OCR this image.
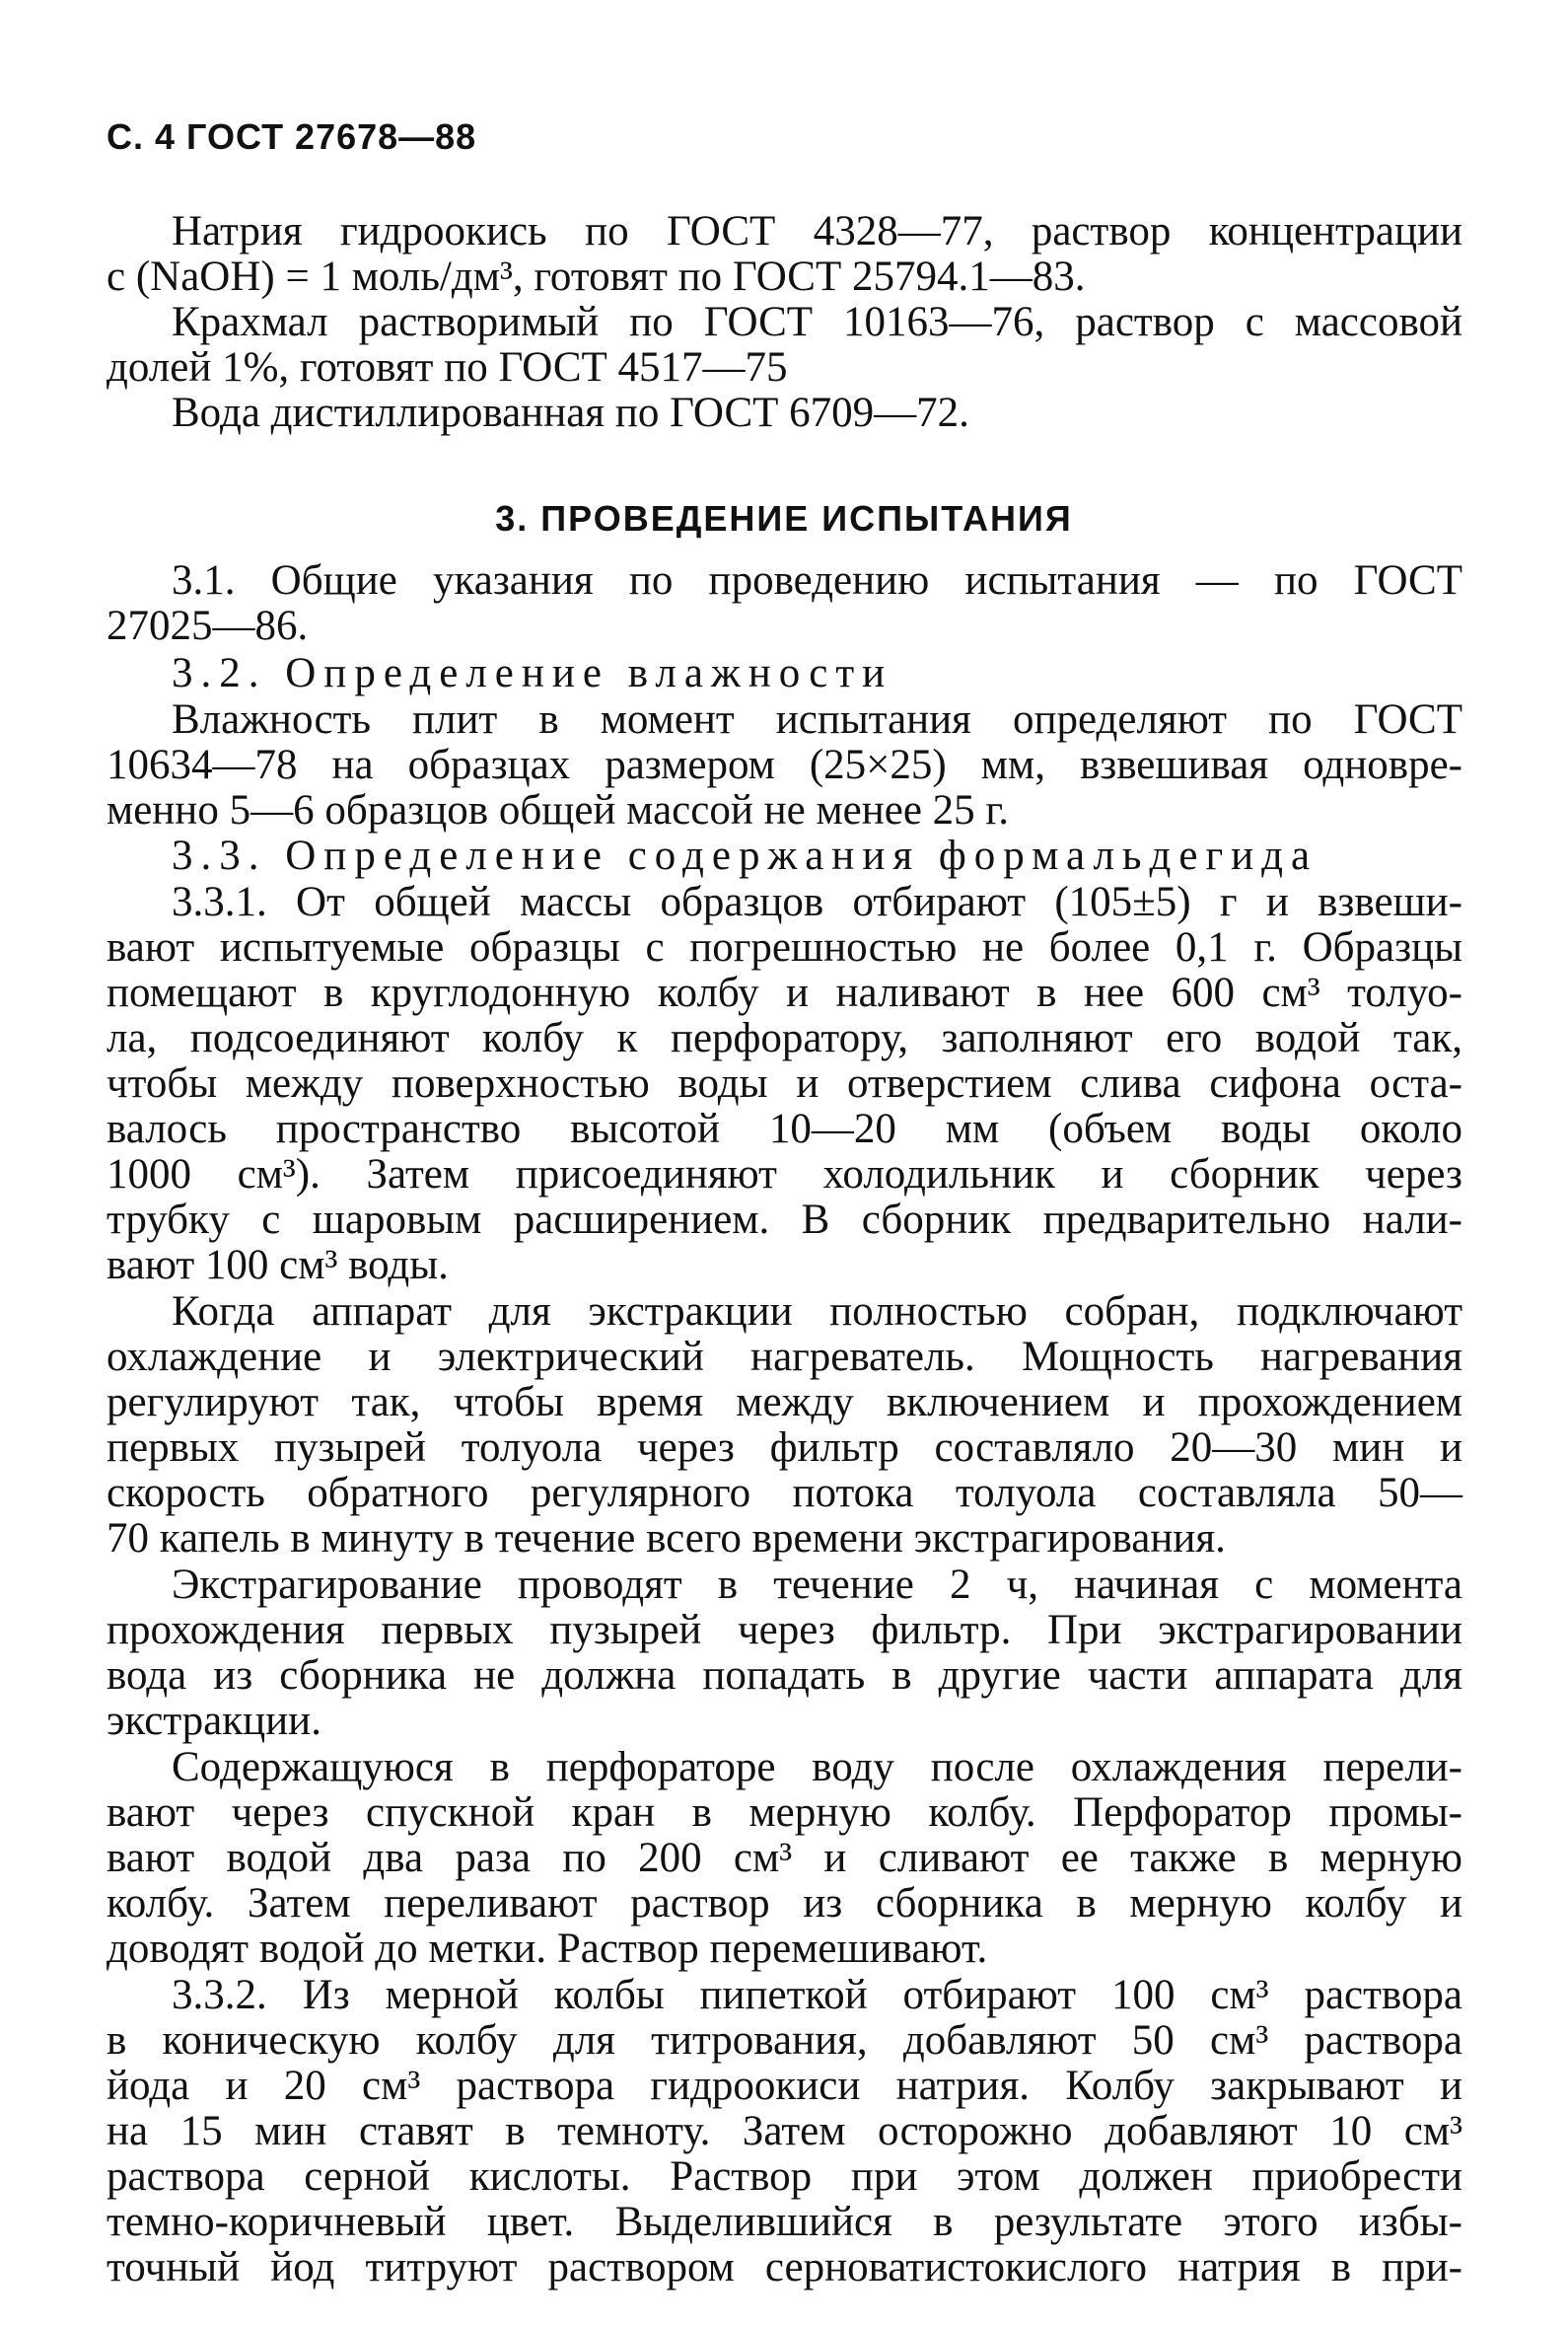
С. 4 ГОСТ 27678—88
Натрия гидроокись по ГОСТ 4328—77, раствор концентрации
с (NaOH) = 1 моль/дм³, готовят по ГОСТ 25794.1—83.
Крахмал растворимый по ГОСТ 10163—76, раствор с массовой
долей 1%, готовят по ГОСТ 4517—75
Вода дистиллированная по ГОСТ 6709—72.
3. ПРОВЕДЕНИЕ ИСПЫТАНИЯ
3.1. Общие указания по проведению испытания — по ГОСТ
27025—86.
3.2. Определение влажности
Влажность плит в момент испытания определяют по ГОСТ
10634—78 на образцах размером (25×25) мм, взвешивая одновре-
менно 5—6 образцов общей массой не менее 25 г.
3.3. Определение содержания формальдегида
3.3.1. От общей массы образцов отбирают (105±5) г и взвеши-
вают испытуемые образцы с погрешностью не более 0,1 г. Образцы
помещают в круглодонную колбу и наливают в нее 600 см³ толуо-
ла, подсоединяют колбу к перфоратору, заполняют его водой так,
чтобы между поверхностью воды и отверстием слива сифона оста-
валось пространство высотой 10—20 мм (объем воды около
1000 см³). Затем присоединяют холодильник и сборник через
трубку с шаровым расширением. В сборник предварительно нали-
вают 100 см³ воды.
Когда аппарат для экстракции полностью собран, подключают
охлаждение и электрический нагреватель. Мощность нагревания
регулируют так, чтобы время между включением и прохождением
первых пузырей толуола через фильтр составляло 20—30 мин и
скорость обратного регулярного потока толуола составляла 50—
70 капель в минуту в течение всего времени экстрагирования.
Экстрагирование проводят в течение 2 ч, начиная с момента
прохождения первых пузырей через фильтр. При экстрагировании
вода из сборника не должна попадать в другие части аппарата для
экстракции.
Содержащуюся в перфораторе воду после охлаждения перели-
вают через спускной кран в мерную колбу. Перфоратор промы-
вают водой два раза по 200 см³ и сливают ее также в мерную
колбу. Затем переливают раствор из сборника в мерную колбу и
доводят водой до метки. Раствор перемешивают.
3.3.2. Из мерной колбы пипеткой отбирают 100 см³ раствора
в коническую колбу для титрования, добавляют 50 см³ раствора
йода и 20 см³ раствора гидроокиси натрия. Колбу закрывают и
на 15 мин ставят в темноту. Затем осторожно добавляют 10 см³
раствора серной кислоты. Раствор при этом должен приобрести
темно-коричневый цвет. Выделившийся в результате этого избы-
точный йод титруют раствором серноватистокислого натрия в при-
